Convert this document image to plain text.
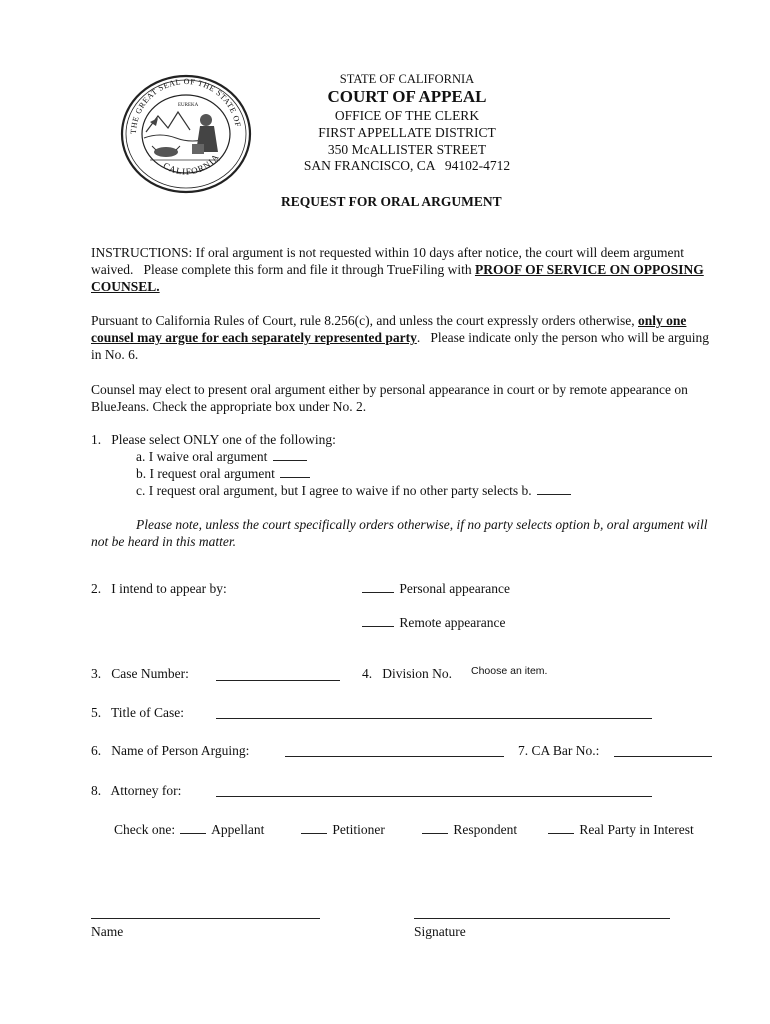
THE GREAT SEAL OF THE STATE OF
CALIFORNIA
EUREKA
STATE OF CALIFORNIA
COURT OF APPEAL
OFFICE OF THE CLERK
FIRST APPELLATE DISTRICT
350 McALLISTER STREET
SAN FRANCISCO, CA   94102-4712
REQUEST FOR ORAL ARGUMENT
INSTRUCTIONS: If oral argument is not requested within 10 days after notice, the court will deem argument waived.   Please complete this form and file it through TrueFiling with PROOF OF SERVICE ON OPPOSING COUNSEL.
Pursuant to California Rules of Court, rule 8.256(c), and unless the court expressly orders otherwise, only one counsel may argue for each separately represented party.   Please indicate only the person who will be arguing in No. 6.
Counsel may elect to present oral argument either by personal appearance in court or by remote appearance on BlueJeans. Check the appropriate box under No. 2.
1.   Please select ONLY one of the following:
a. I waive oral argument
b. I request oral argument
c. I request oral argument, but I agree to waive if no other party selects b.
Please note, unless the court specifically orders otherwise, if no party selects option b, oral argument will not be heard in this matter.
2.   I intend to appear by:	Personal appearance
Remote appearance
3.   Case Number:	4.   Division No. Choose an item.
5.   Title of Case:
6.   Name of Person Arguing:	7. CA Bar No.:
8.   Attorney for:
Check one:	Appellant	Petitioner	Respondent	Real Party in Interest
Name	Signature
